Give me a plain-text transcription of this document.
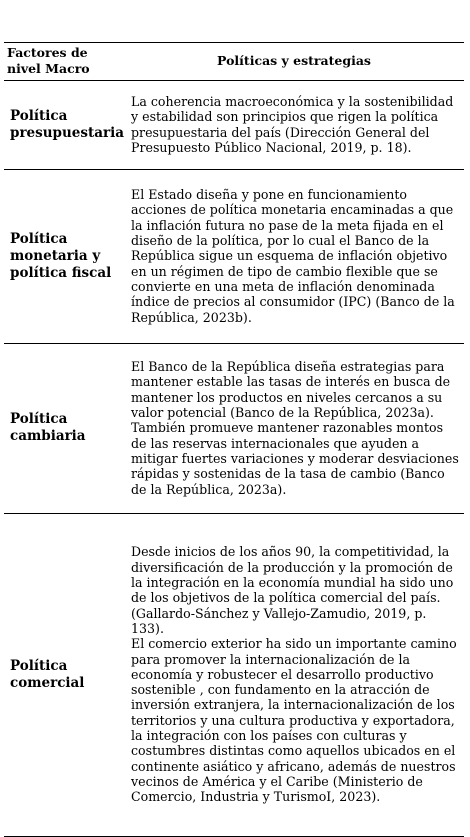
Factores de nivel Macro	Políticas y estrategias
Política presupuestaria	La coherencia macroeconómica y la sostenibilidad y estabilidad son principios que rigen la política presupuestaria del país (Dirección General del Presupuesto Público Nacional, 2019, p. 18).

Política monetaria y política fiscal	El Estado diseña y pone en funcionamiento acciones de política monetaria encaminadas a que la inflación futura no pase de la meta fijada en el diseño de la política, por lo cual el Banco de la República sigue un esquema de inflación objetivo en un régimen de tipo de cambio flexible que se convierte en una meta de inflación denominada índice de precios al consumidor (IPC) (Banco de la República, 2023b).

Política cambiaria	El Banco de la República diseña estrategias para mantener estable las tasas de interés en busca de mantener los productos en niveles cercanos a su valor potencial (Banco de la República, 2023a).
También promueve mantener razonables montos de las reservas internacionales que ayuden a mitigar fuertes variaciones y moderar desviaciones rápidas y sostenidas de la tasa de cambio (Banco de la República, 2023a).

Política comercial	Desde inicios de los años 90, la competitividad, la diversificación de la producción y la promoción de la integración en la economía mundial ha sido uno de los objetivos de la política comercial del país. (Gallardo-Sánchez y Vallejo-Zamudio, 2019, p. 133).
El comercio exterior ha sido un importante camino para promover la internacionalización de la economía y robustecer el desarrollo productivo sostenible , con fundamento en la atracción de inversión extranjera, la internacionalización de los territorios y una cultura productiva y exportadora, la integración con los países con culturas y costumbres distintas como aquellos ubicados en el continente asiático y africano, además de nuestros vecinos de América y el Caribe (Ministerio de Comercio, Industria y TurismoI, 2023).
